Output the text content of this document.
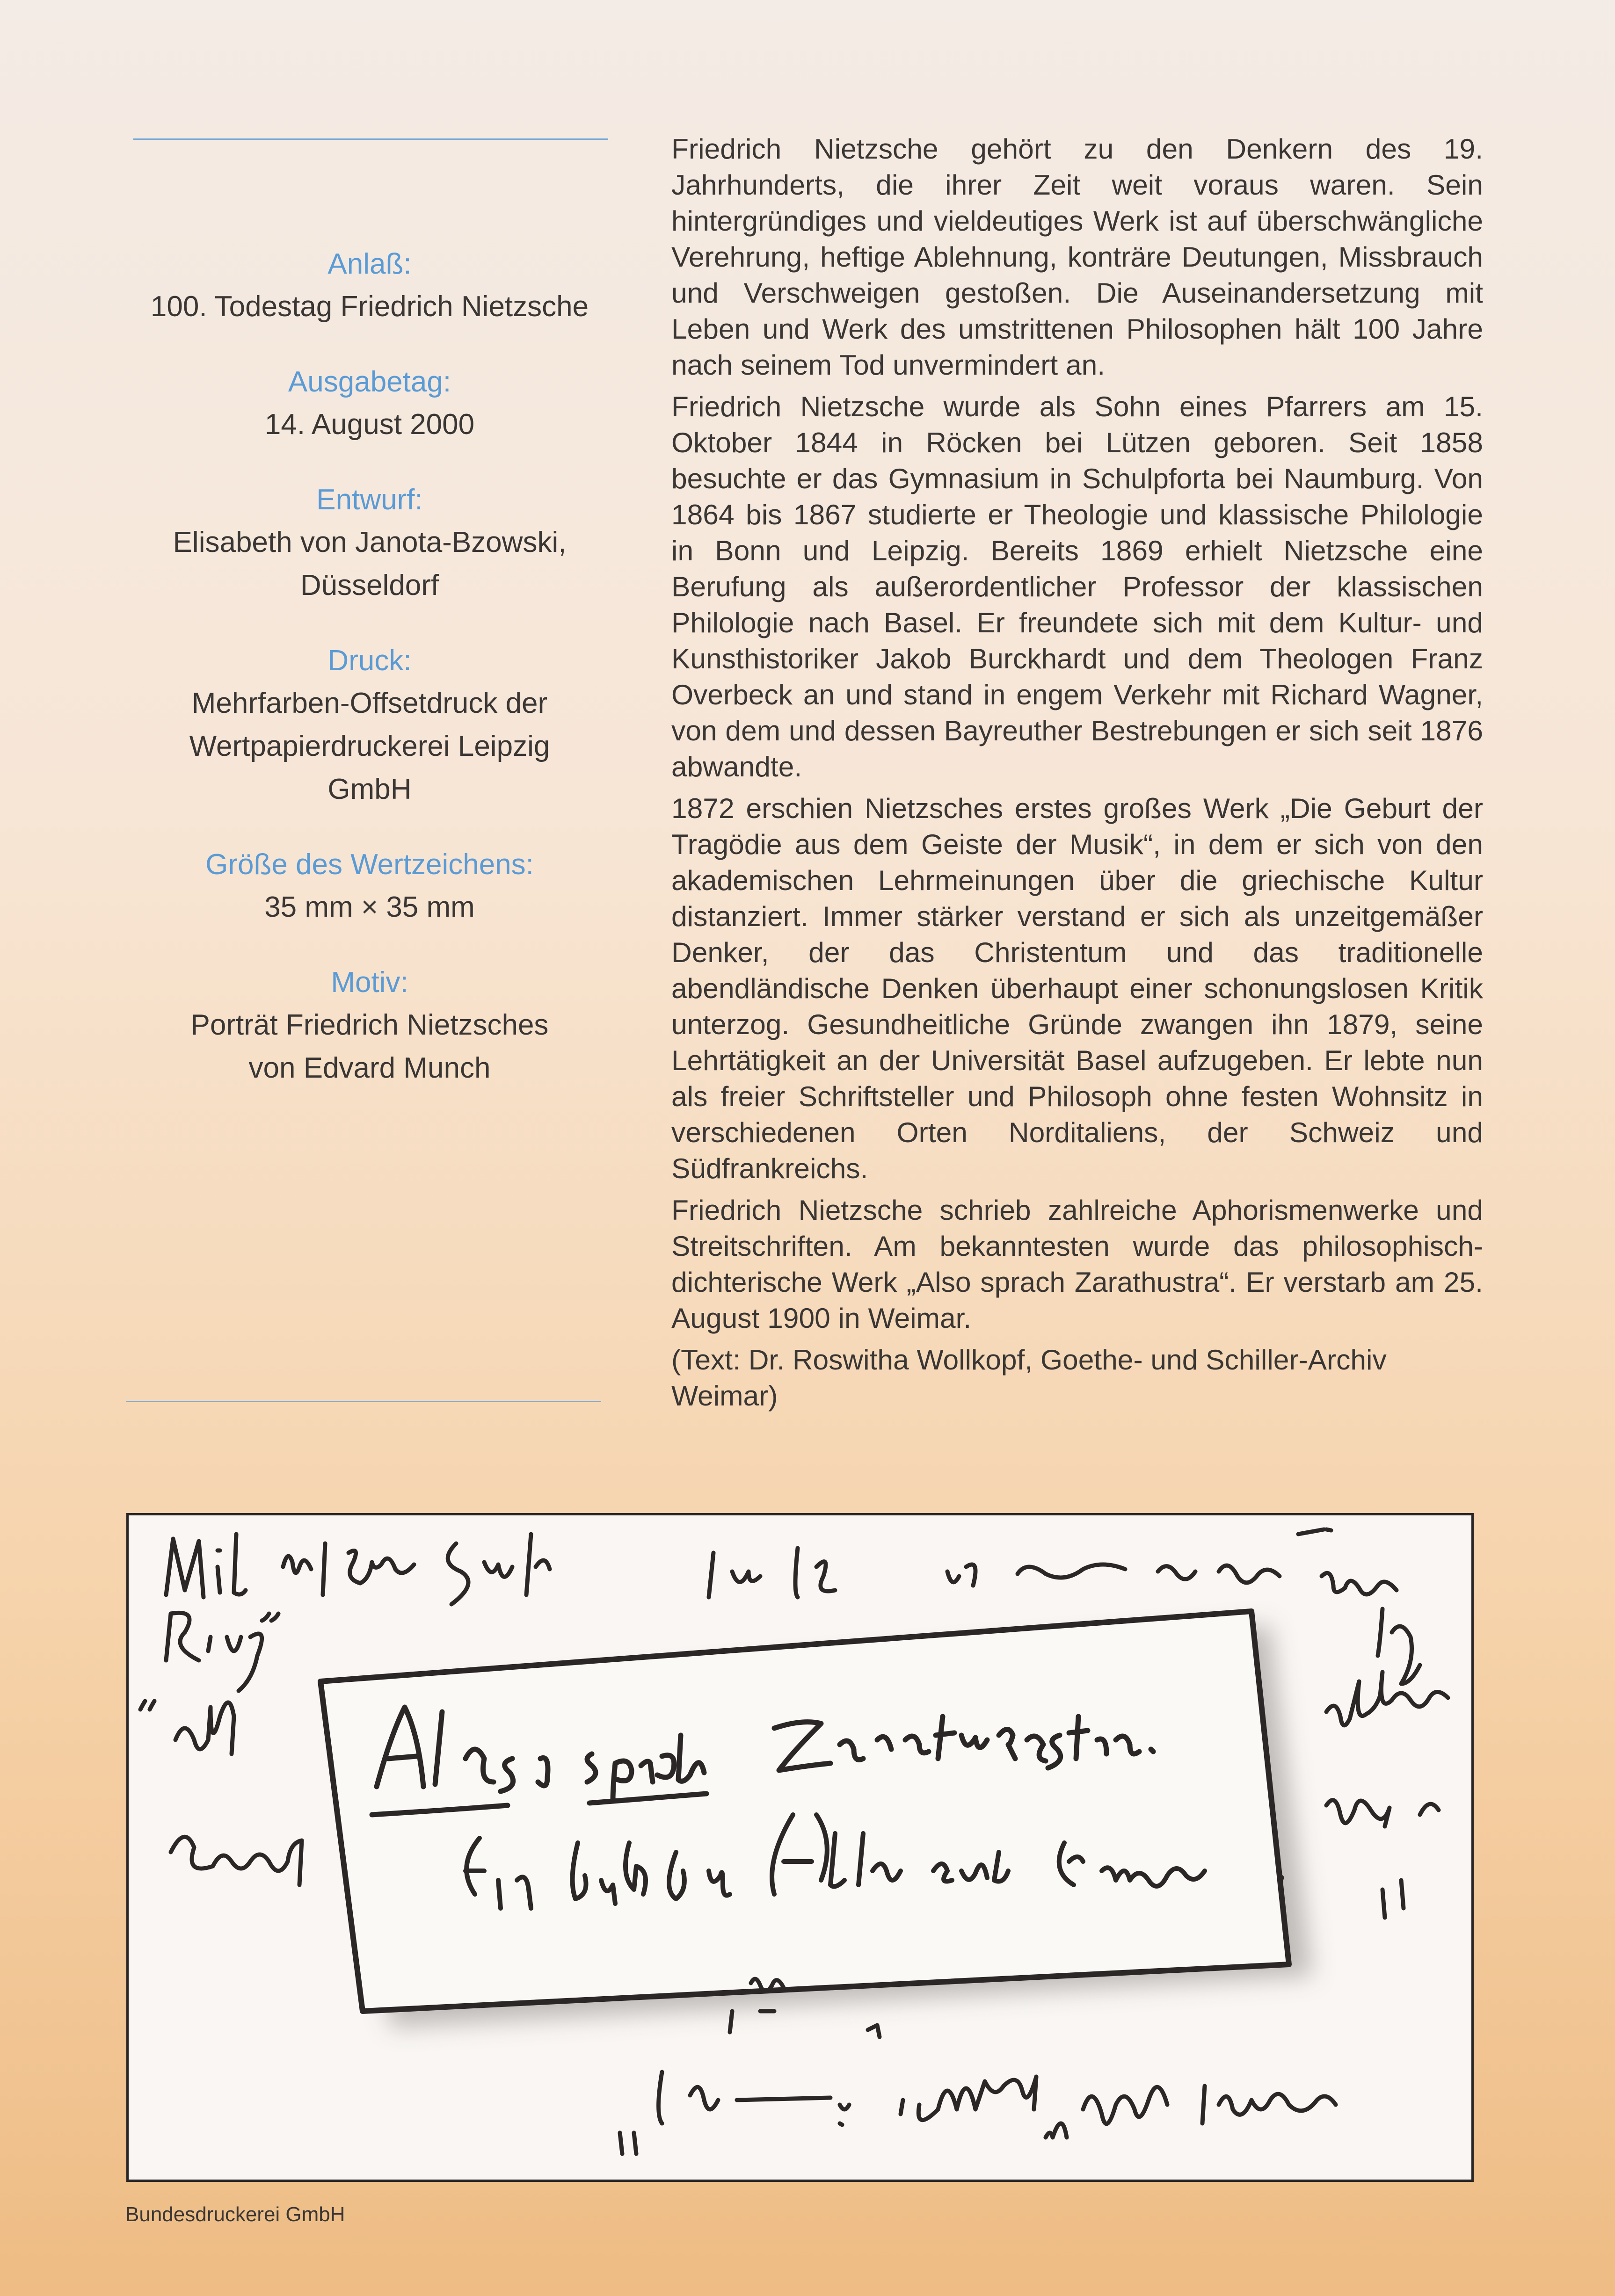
Anlaß:
100. Todestag Friedrich Nietzsche
Ausgabetag:
14. August 2000
Entwurf:
Elisabeth von Janota-Bzowski,
Düsseldorf
Druck:
Mehrfarben-Offsetdruck der
Wertpapierdruckerei Leipzig
GmbH
Größe des Wertzeichens:
35 mm × 35 mm
Motiv:
Porträt Friedrich Nietzsches
von Edvard Munch

Friedrich Nietzsche gehört zu den Denkern des 19. Jahrhunderts, die ihrer Zeit weit voraus waren. Sein hintergründiges und vieldeutiges Werk ist auf überschwängliche Verehrung, heftige Ablehnung, konträre Deutungen, Missbrauch und Verschweigen gestoßen. Die Auseinandersetzung mit Leben und Werk des umstrittenen Philosophen hält 100 Jahre nach seinem Tod unvermindert an.

Friedrich Nietzsche wurde als Sohn eines Pfarrers am 15. Oktober 1844 in Röcken bei Lützen geboren. Seit 1858 besuchte er das Gymnasium in Schulpforta bei Naumburg. Von 1864 bis 1867 studierte er Theologie und klassische Philologie in Bonn und Leipzig. Bereits 1869 erhielt Nietzsche eine Berufung als außerordentlicher Professor der klassischen Philologie nach Basel. Er freundete sich mit dem Kultur- und Kunsthistoriker Jakob Burckhardt und dem Theologen Franz Overbeck an und stand in engem Verkehr mit Richard Wagner, von dem und dessen Bayreuther Bestrebungen er sich seit 1876 abwandte.

1872 erschien Nietzsches erstes großes Werk „Die Geburt der Tragödie aus dem Geiste der Musik“, in dem er sich von den akademischen Lehrmeinungen über die griechische Kultur distanziert. Immer stärker verstand er sich als unzeitgemäßer Denker, der das Christentum und das traditionelle abendländische Denken überhaupt einer schonungslosen Kritik unterzog. Gesundheitliche Gründe zwangen ihn 1879, seine Lehrtätigkeit an der Universität Basel aufzugeben. Er lebte nun als freier Schriftsteller und Philosoph ohne festen Wohnsitz in verschiedenen Orten Norditaliens, der Schweiz und Südfrankreichs.

Friedrich Nietzsche schrieb zahlreiche Aphorismenwerke und Streitschriften. Am bekanntesten wurde das philosophisch-dichterische Werk „Also sprach Zarathustra“. Er verstarb am 25. August 1900 in Weimar.

(Text: Dr. Roswitha Wollkopf, Goethe- und Schiller-Archiv Weimar)

Bundesdruckerei GmbH
